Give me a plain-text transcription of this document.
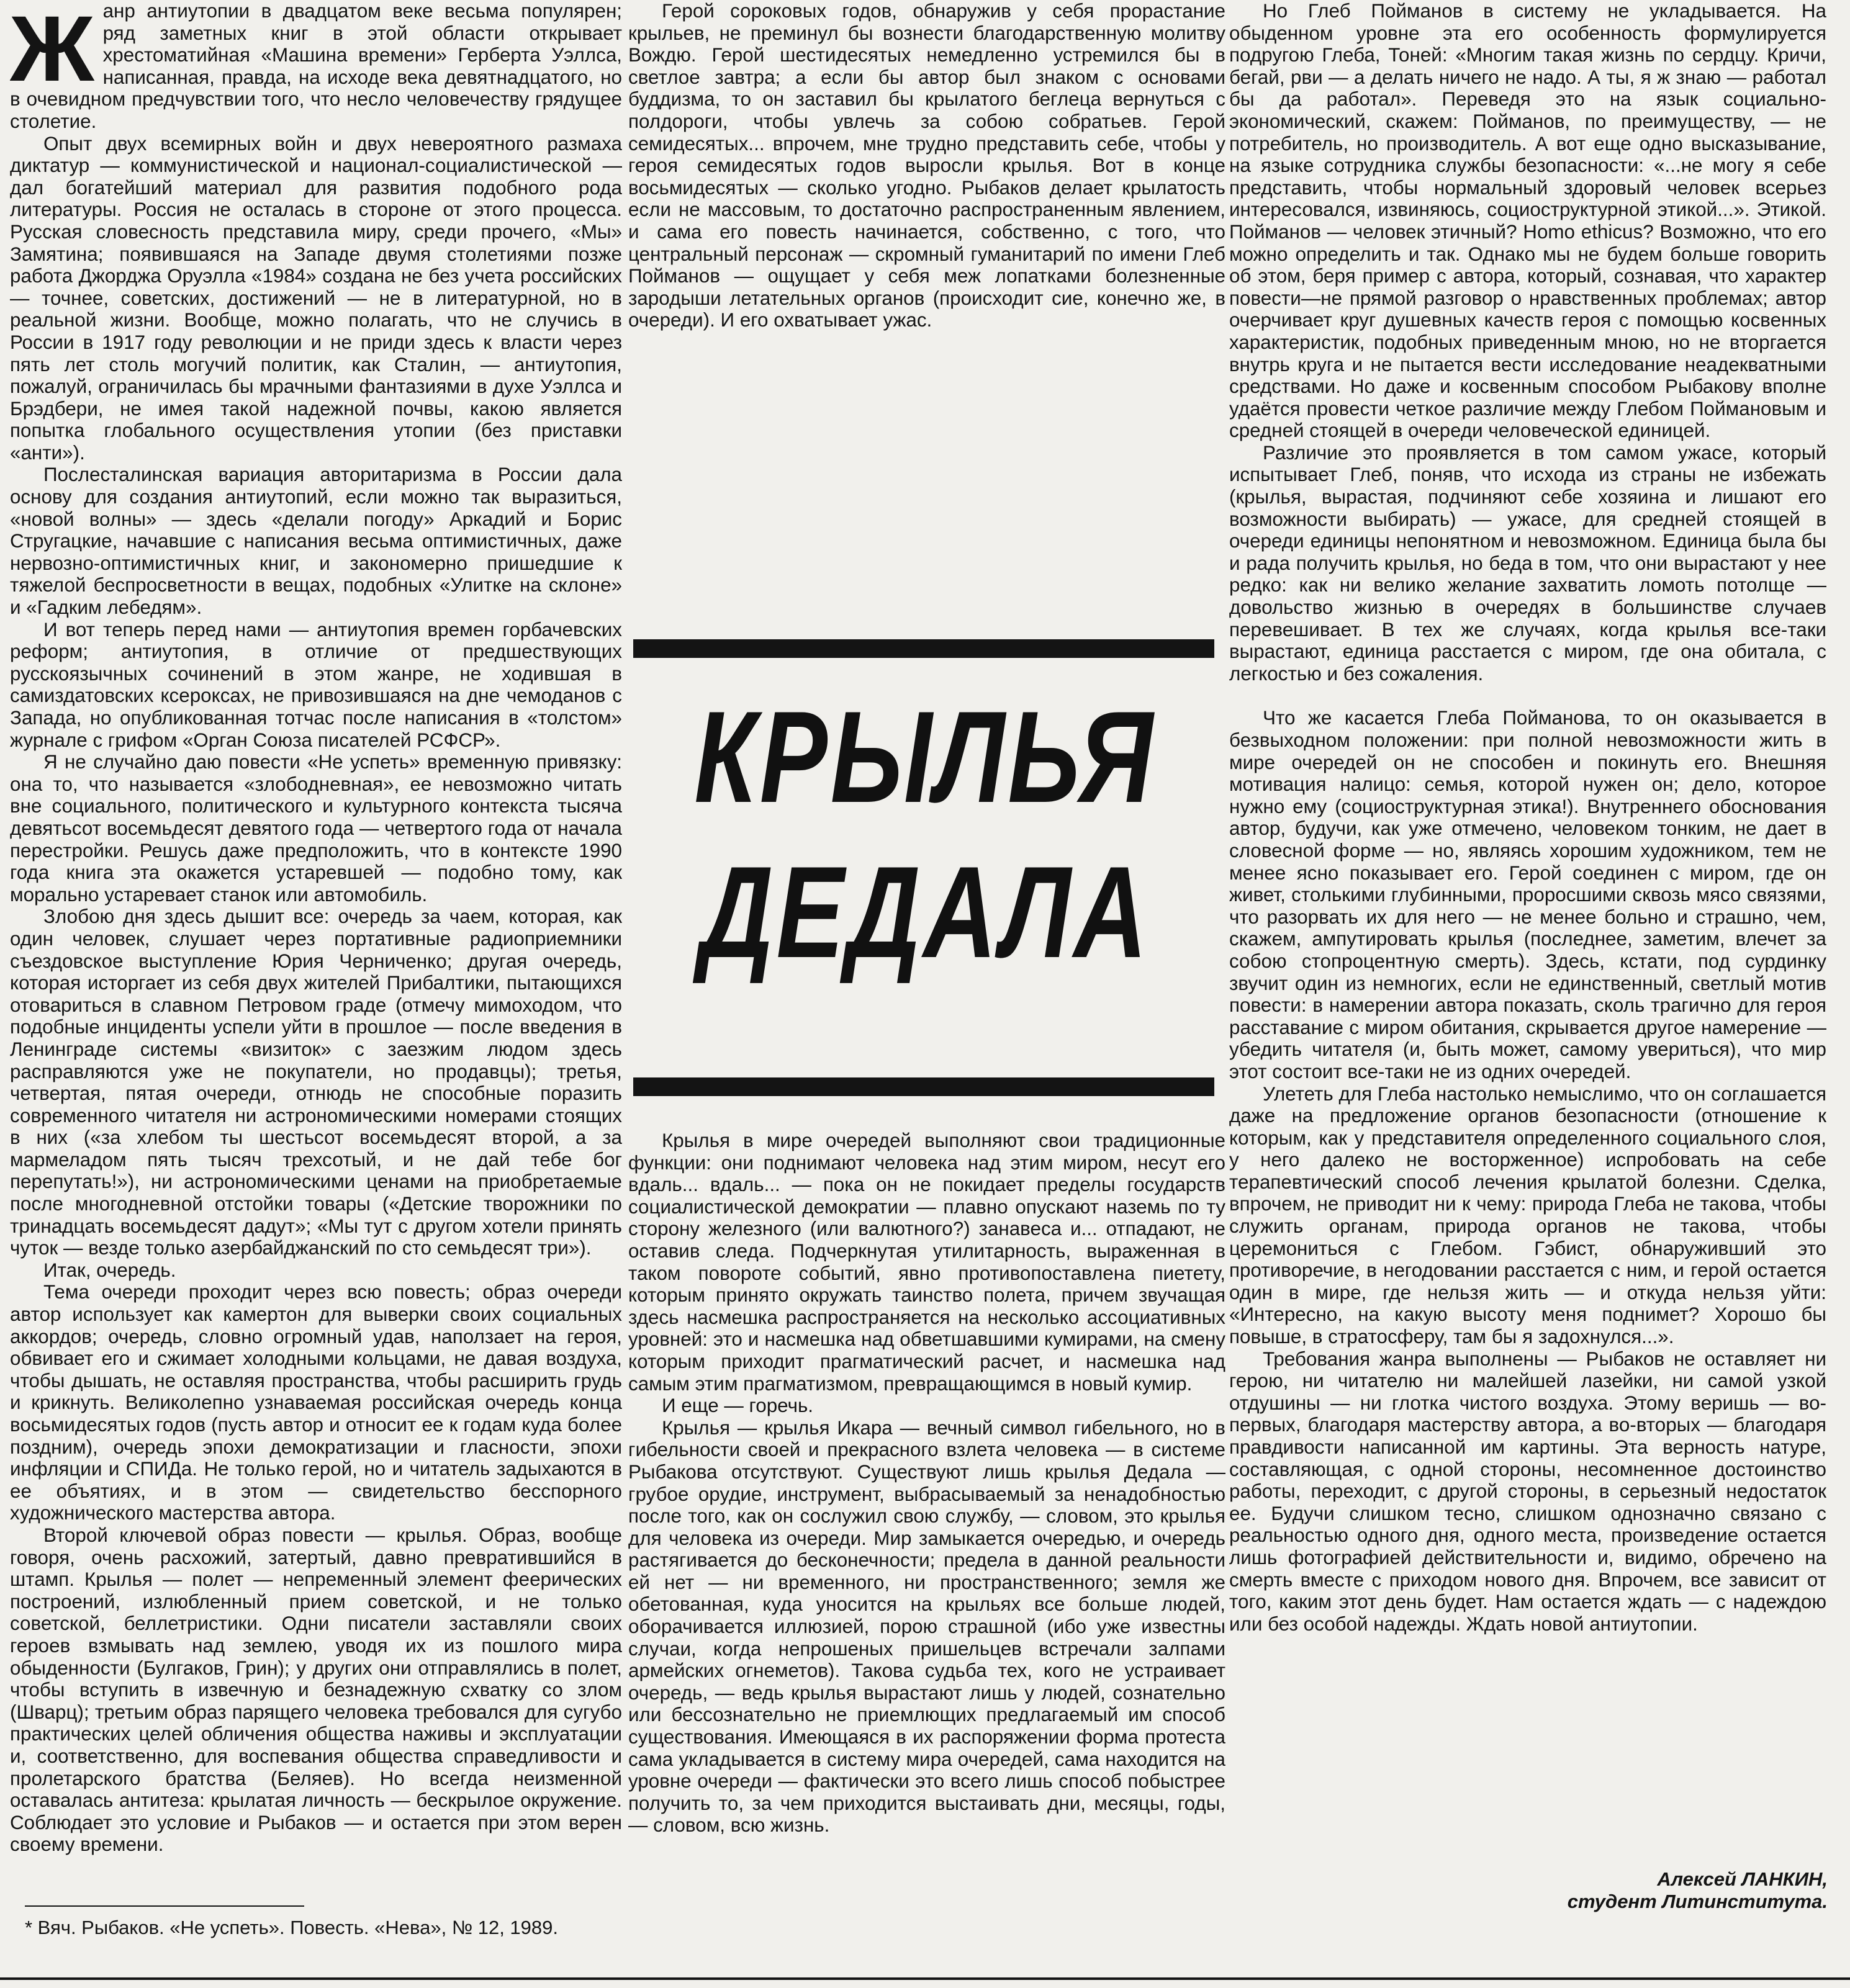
Ж анр антиутопии в двадцатом веке весьма популярен; ряд заметных книг в этой области открывает хрестоматийная «Машина времени» Герберта Уэллса, написанная, правда, на исходе века девятнадцатого, но в очевидном предчувствии того, что несло человечеству грядущее столетие.

Опыт двух всемирных войн и двух невероятного размаха диктатур — коммунистической и национал-социалистической — дал богатейший материал для развития подобного рода литературы. Россия не осталась в стороне от этого процесса. Русская словесность представила миру, среди прочего, «Мы» Замятина; появившаяся на Западе двумя столетиями позже работа Джорджа Оруэлла «1984» создана не без учета российских — точнее, советских, достижений — не в литературной, но в реальной жизни. Вообще, можно полагать, что не случись в России в 1917 году революции и не приди здесь к власти через пять лет столь могучий политик, как Сталин, — антиутопия, пожалуй, ограничилась бы мрачными фантазиями в духе Уэллса и Брэдбери, не имея такой надежной почвы, какою является попытка глобального осуществления утопии (без приставки «анти»).

Послесталинская вариация авторитаризма в России дала основу для создания антиутопий, если можно так выразиться, «новой волны» — здесь «делали погоду» Аркадий и Борис Стругацкие, начавшие с написания весьма оптимистичных, даже нервозно-оптимистичных книг, и закономерно пришедшие к тяжелой беспросветности в вещах, подобных «Улитке на склоне» и «Гадким лебедям».

И вот теперь перед нами — антиутопия времен горбачевских реформ; антиутопия, в отличие от предшествующих русскоязычных сочинений в этом жанре, не ходившая в самиздатовских ксероксах, не привозившаяся на дне чемоданов с Запада, но опубликованная тотчас после написания в «толстом» журнале с грифом «Орган Союза писателей РСФСР».

Я не случайно даю повести «Не успеть» временную привязку: она то, что называется «злободневная», ее невозможно читать вне социального, политического и культурного контекста тысяча девятьсот восемьдесят девятого года — четвертого года от начала перестройки. Решусь даже предположить, что в контексте 1990 года книга эта окажется устаревшей — подобно тому, как морально устаревает станок или автомобиль.

Злобою дня здесь дышит все: очередь за чаем, которая, как один человек, слушает через портативные радиоприемники съездовское выступление Юрия Черниченко; другая очередь, которая исторгает из себя двух жителей Прибалтики, пытающихся отовариться в славном Петровом граде (отмечу мимоходом, что подобные инциденты успели уйти в прошлое — после введения в Ленинграде системы «визиток» с заезжим людом здесь расправляются уже не покупатели, но продавцы); третья, четвертая, пятая очереди, отнюдь не способные поразить современного читателя ни астрономическими номерами стоящих в них («за хлебом ты шестьсот восемьдесят второй, а за мармеладом пять тысяч трехсотый, и не дай тебе бог перепутать!»), ни астрономическими ценами на приобретаемые после многодневной отстойки товары («Детские творожники по тринадцать восемьдесят дадут»; «Мы тут с другом хотели принять чуток — везде только азербайджанский по сто семьдесят три»).

Итак, очередь.

Тема очереди проходит через всю повесть; образ очереди автор использует как камертон для выверки своих социальных аккордов; очередь, словно огромный удав, наползает на героя, обвивает его и сжимает холодными кольцами, не давая воздуха, чтобы дышать, не оставляя пространства, чтобы расширить грудь и крикнуть. Великолепно узнаваемая российская очередь конца восьмидесятых годов (пусть автор и относит ее к годам куда более поздним), очередь эпохи демократизации и гласности, эпохи инфляции и СПИДа. Не только герой, но и читатель задыхаются в ее объятиях, и в этом — свидетельство бесспорного художнического мастерства автора.

Второй ключевой образ повести — крылья. Образ, вообще говоря, очень расхожий, затертый, давно превратившийся в штамп. Крылья — полет — непременный элемент феерических построений, излюбленный прием советской, и не только советской, беллетристики. Одни писатели заставляли своих героев взмывать над землею, уводя их из пошлого мира обыденности (Булгаков, Грин); у других они отправлялись в полет, чтобы вступить в извечную и безнадежную схватку со злом (Шварц); третьим образ парящего человека требовался для сугубо практических целей обличения общества наживы и эксплуатации и, соответственно, для воспевания общества справедливости и пролетарского братства (Беляев). Но всегда неизменной оставалась антитеза: крылатая личность — бескрылое окружение. Соблюдает это условие и Рыбаков — и остается при этом верен своему времени.

* Вяч. Рыбаков. «Не успеть». Повесть. «Нева», № 12, 1989.

Герой сороковых годов, обнаружив у себя прорастание крыльев, не преминул бы вознести благодарственную молитву Вождю. Герой шестидесятых немедленно устремился бы в светлое завтра; а если бы автор был знаком с основами буддизма, то он заставил бы крылатого беглеца вернуться с полдороги, чтобы увлечь за собою собратьев. Герой семидесятых... впрочем, мне трудно представить себе, чтобы у героя семидесятых годов выросли крылья. Вот в конце восьмидесятых — сколько угодно. Рыбаков делает крылатость если не массовым, то достаточно распространенным явлением, и сама его повесть начинается, собственно, с того, что центральный персонаж — скромный гуманитарий по имени Глеб Пойманов — ощущает у себя меж лопатками болезненные зародыши летательных органов (происходит сие, конечно же, в очереди). И его охватывает ужас.

КРЫЛЬЯ
ДЕДАЛА

Крылья в мире очередей выполняют свои традиционные функции: они поднимают человека над этим миром, несут его вдаль... вдаль... — пока он не покидает пределы государств социалистической демократии — плавно опускают наземь по ту сторону железного (или валютного?) занавеса и... отпадают, не оставив следа. Подчеркнутая утилитарность, выраженная в таком повороте событий, явно противопоставлена пиетету, которым принято окружать таинство полета, причем звучащая здесь насмешка распространяется на несколько ассоциативных уровней: это и насмешка над обветшавшими кумирами, на смену которым приходит прагматический расчет, и насмешка над самым этим прагматизмом, превращающимся в новый кумир.

И еще — горечь.

Крылья — крылья Икара — вечный символ гибельного, но в гибельности своей и прекрасного взлета человека — в системе Рыбакова отсутствуют. Существуют лишь крылья Дедала — грубое орудие, инструмент, выбрасываемый за ненадобностью после того, как он сослужил свою службу, — словом, это крылья для человека из очереди. Мир замыкается очередью, и очередь растягивается до бесконечности; предела в данной реальности ей нет — ни временного, ни пространственного; земля же обетованная, куда уносится на крыльях все больше людей, оборачивается иллюзией, порою страшной (ибо уже известны случаи, когда непрошеных пришельцев встречали залпами армейских огнеметов). Такова судьба тех, кого не устраивает очередь, — ведь крылья вырастают лишь у людей, сознательно или бессознательно не приемлющих предлагаемый им способ существования. Имеющаяся в их распоряжении форма протеста сама укладывается в систему мира очередей, сама находится на уровне очереди — фактически это всего лишь способ побыстрее получить то, за чем приходится выстаивать дни, месяцы, годы, — словом, всю жизнь.

Но Глеб Пойманов в систему не укладывается. На обыденном уровне эта его особенность формулируется подругою Глеба, Тоней: «Многим такая жизнь по сердцу. Кричи, бегай, рви — а делать ничего не надо. А ты, я ж знаю — работал бы да работал». Переведя это на язык социально-экономический, скажем: Пойманов, по преимуществу, — не потребитель, но производитель. А вот еще одно высказывание, на языке сотрудника службы безопасности: «...не могу я себе представить, чтобы нормальный здоровый человек всерьез интересовался, извиняюсь, социоструктурной этикой...». Этикой. Пойманов — человек этичный? Homo ethicus? Возможно, что его можно определить и так. Однако мы не будем больше говорить об этом, беря пример с автора, который, сознавая, что характер повести—не прямой разговор о нравственных проблемах; автор очерчивает круг душевных качеств героя с помощью косвенных характеристик, подобных приведенным мною, но не вторгается внутрь круга и не пытается вести исследование неадекватными средствами. Но даже и косвенным способом Рыбакову вполне удаётся провести четкое различие между Глебом Поймановым и средней стоящей в очереди человеческой единицей.

Различие это проявляется в том самом ужасе, который испытывает Глеб, поняв, что исхода из страны не избежать (крылья, вырастая, подчиняют себе хозяина и лишают его возможности выбирать) — ужасе, для средней стоящей в очереди единицы непонятном и невозможном. Единица была бы и рада получить крылья, но беда в том, что они вырастают у нее редко: как ни велико желание захватить ломоть потолще — довольство жизнью в очередях в большинстве случаев перевешивает. В тех же случаях, когда крылья все-таки вырастают, единица расстается с миром, где она обитала, с легкостью и без сожаления.

Что же касается Глеба Пойманова, то он оказывается в безвыходном положении: при полной невозможности жить в мире очередей он не способен и покинуть его. Внешняя мотивация налицо: семья, которой нужен он; дело, которое нужно ему (социоструктурная этика!). Внутреннего обоснования автор, будучи, как уже отмечено, человеком тонким, не дает в словесной форме — но, являясь хорошим художником, тем не менее ясно показывает его. Герой соединен с миром, где он живет, столькими глубинными, проросшими сквозь мясо связями, что разорвать их для него — не менее больно и страшно, чем, скажем, ампутировать крылья (последнее, заметим, влечет за собою стопроцентную смерть). Здесь, кстати, под сурдинку звучит один из немногих, если не единственный, светлый мотив повести: в намерении автора показать, сколь трагично для героя расставание с миром обитания, скрывается другое намерение — убедить читателя (и, быть может, самому увериться), что мир этот состоит все-таки не из одних очередей.

Улететь для Глеба настолько немыслимо, что он соглашается даже на предложение органов безопасности (отношение к которым, как у представителя определенного социального слоя, у него далеко не восторженное) испробовать на себе терапевтический способ лечения крылатой болезни. Сделка, впрочем, не приводит ни к чему: природа Глеба не такова, чтобы служить органам, природа органов не такова, чтобы церемониться с Глебом. Гэбист, обнаруживший это противоречие, в негодовании расстается с ним, и герой остается один в мире, где нельзя жить — и откуда нельзя уйти: «Интересно, на какую высоту меня поднимет? Хорошо бы повыше, в стратосферу, там бы я задохнулся...».

Требования жанра выполнены — Рыбаков не оставляет ни герою, ни читателю ни малейшей лазейки, ни самой узкой отдушины — ни глотка чистого воздуха. Этому веришь — во-первых, благодаря мастерству автора, а во-вторых — благодаря правдивости написанной им картины. Эта верность натуре, составляющая, с одной стороны, несомненное достоинство работы, переходит, с другой стороны, в серьезный недостаток ее. Будучи слишком тесно, слишком однозначно связано с реальностью одного дня, одного места, произведение остается лишь фотографией действительности и, видимо, обречено на смерть вместе с приходом нового дня. Впрочем, все зависит от того, каким этот день будет. Нам остается ждать — с надеждою или без особой надежды. Ждать новой антиутопии.

Алексей ЛАНКИН,
студент Литинститута.
